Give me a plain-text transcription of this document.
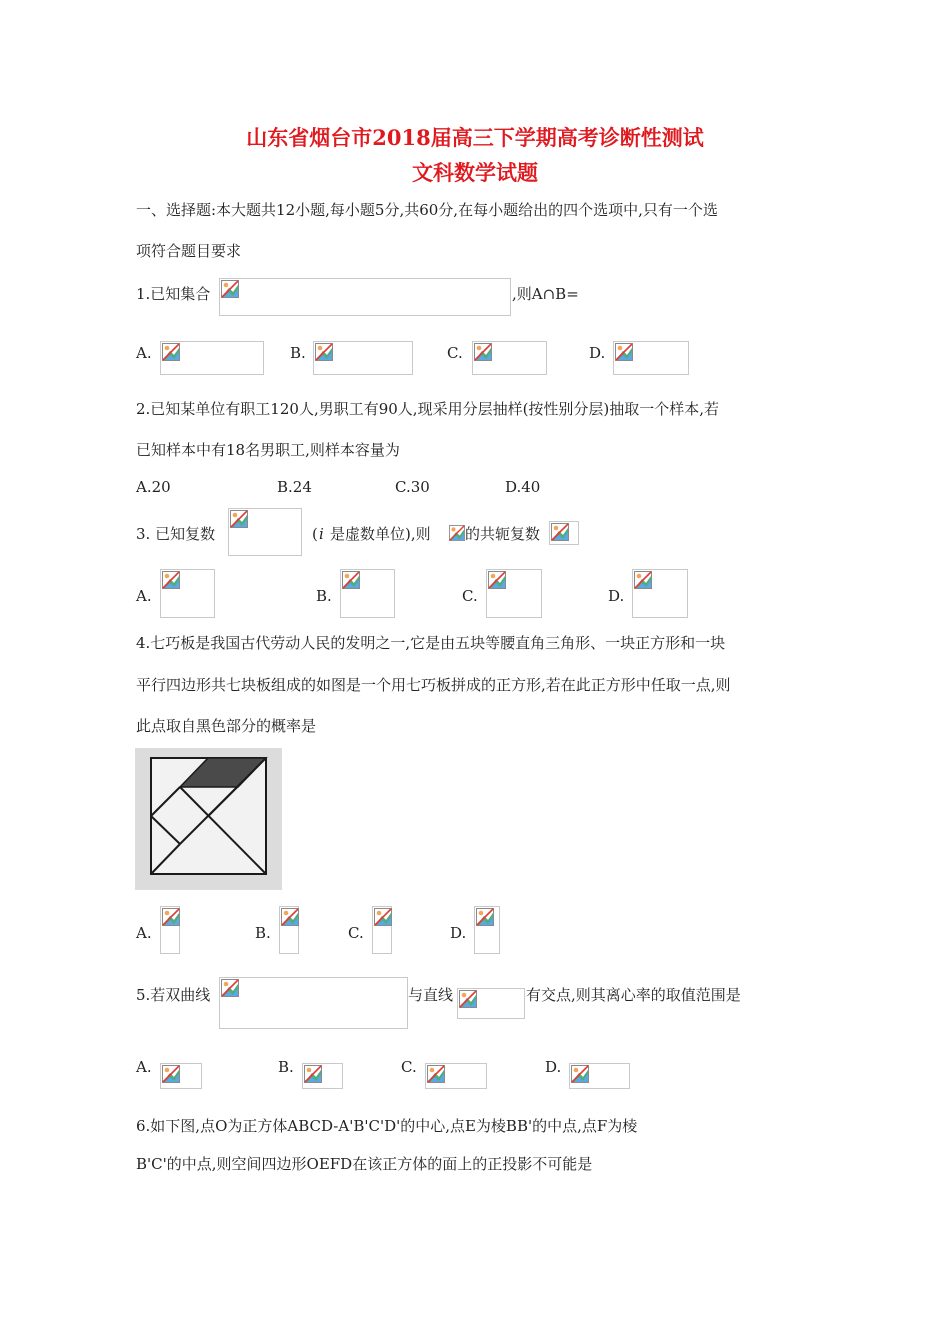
山东省烟台市2018届高三下学期高考诊断性测试
文科数学试题
一、选择题:本大题共12小题,每小题5分,共60分,在每小题给出的四个选项中,只有一个选
项符合题目要求
1.已知集合	,则A∩B=
A.	B.	C.	D.
2.已知某单位有职工120人,男职工有90人,现采用分层抽样(按性别分层)抽取一个样本,若
已知样本中有18名男职工,则样本容量为
A.20	B.24	C.30	D.40
3. 已知复数	( i 是虚数单位),则 的共轭复数
A.	B.	C.	D.
4.七巧板是我国古代劳动人民的发明之一,它是由五块等腰直角三角形、一块正方形和一块
平行四边形共七块板组成的如图是一个用七巧板拼成的正方形,若在此正方形中任取一点,则
此点取自黑色部分的概率是
A.	B.	C.	D.
5.若双曲线	与直线	有交点,则其离心率的取值范围是
A.	B.	C.	D.
6.如下图,点O为正方体ABCD-A'B'C'D'的中心,点E为棱BB'的中点,点F为棱
B'C'的中点,则空间四边形OEFD在该正方体的面上的正投影不可能是
